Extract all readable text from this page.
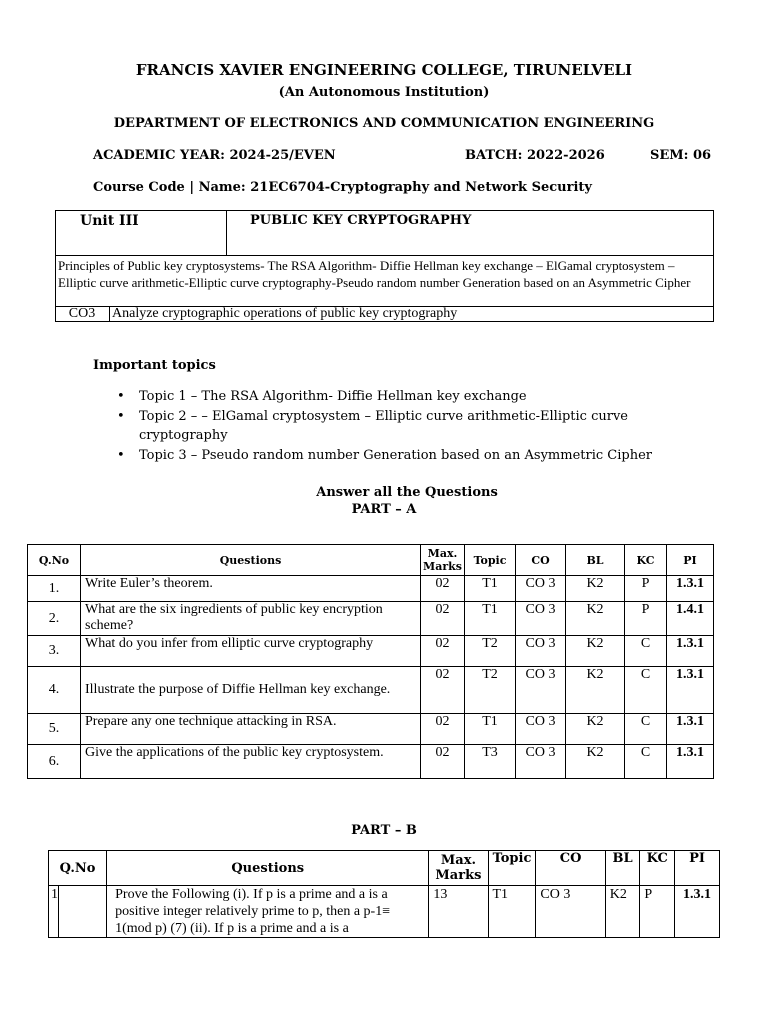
FRANCIS XAVIER ENGINEERING COLLEGE, TIRUNELVELI
(An Autonomous Institution)
DEPARTMENT OF ELECTRONICS AND COMMUNICATION ENGINEERING
ACADEMIC YEAR: 2024-25/EVEN	BATCH: 2022-2026	SEM: 06
Course Code | Name: 21EC6704-Cryptography and Network Security
Unit III	PUBLIC KEY CRYPTOGRAPHY

Principles of Public key cryptosystems- The RSA Algorithm- Diffie Hellman key exchange – ElGamal cryptosystem – Elliptic curve arithmetic-Elliptic curve cryptography-Pseudo random number Generation based on an Asymmetric Cipher

CO3	Analyze cryptographic operations of public key cryptography
Important topics
• Topic 1 – The RSA Algorithm- Diffie Hellman key exchange
• Topic 2 – – ElGamal cryptosystem – Elliptic curve arithmetic-Elliptic curve cryptography
• Topic 3 – Pseudo random number Generation based on an Asymmetric Cipher
Answer all the Questions
PART – A
Q.No	Questions	Max. Marks	Topic	CO	BL	KC	PI
1.	Write Euler’s theorem.	02	T1	CO 3	K2	P	1.3.1
2.	What are the six ingredients of public key encryption scheme?	02	T1	CO 3	K2	P	1.4.1
3.	What do you infer from elliptic curve cryptography	02	T2	CO 3	K2	C	1.3.1
4.	Illustrate the purpose of Diffie Hellman key exchange.	02	T2	CO 3	K2	C	1.3.1
5.	Prepare any one technique attacking in RSA.	02	T1	CO 3	K2	C	1.3.1
6.	Give the applications of the public key cryptosystem.	02	T3	CO 3	K2	C	1.3.1
PART – B
Q.No		Questions	Max. Marks	Topic	CO	BL	KC	PI
1		Prove the Following (i). If p is a prime and a is a positive integer relatively prime to p, then a p-1≡ 1(mod p) (7) (ii). If p is a prime and a is a	13	T1	CO 3	K2	P	1.3.1
